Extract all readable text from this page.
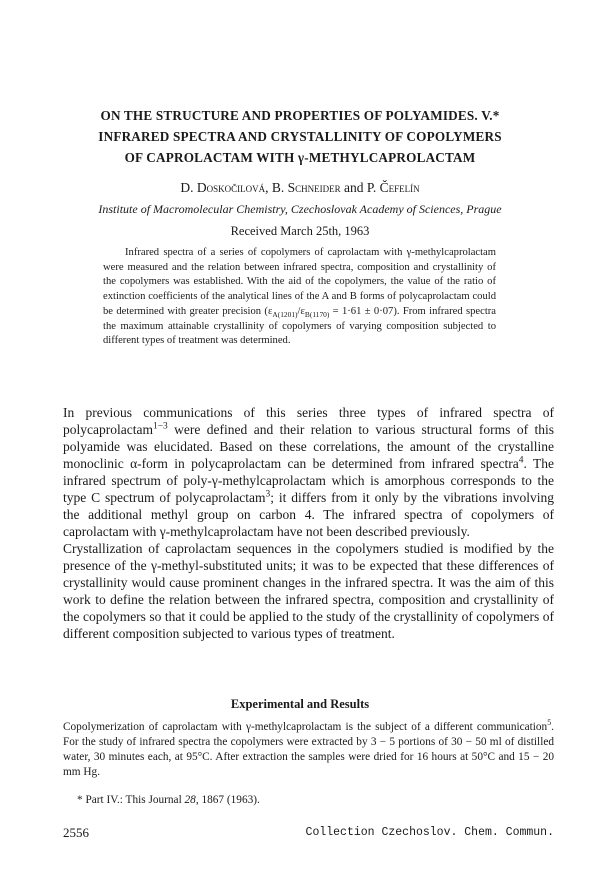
ON THE STRUCTURE AND PROPERTIES OF POLYAMIDES. V.*
INFRARED SPECTRA AND CRYSTALLINITY OF COPOLYMERS
OF CAPROLACTAM WITH γ-METHYLCAPROLACTAM
D. Doskočilová, B. Schneider and P. Čefelín
Institute of Macromolecular Chemistry, Czechoslovak Academy of Sciences, Prague
Received March 25th, 1963

Infrared spectra of a series of copolymers of caprolactam with γ-methylcaprolactam were measured and the relation between infrared spectra, composition and crystallinity of the copolymers was established. With the aid of the copolymers, the value of the ratio of extinction coefficients of the analytical lines of the A and B forms of polycaprolactam could be determined with greater precision $(\varepsilon_{A(1201)}/\varepsilon_{B(1170)} = 1\cdot 61 \pm 0\cdot 07)$. From infrared spectra the maximum attainable crystallinity of copolymers of varying composition subjected to different types of treatment was determined.

In previous communications of this series three types of infrared spectra of polycaprolactam$^{1-3}$ were defined and their relation to various structural forms of this polyamide was elucidated. Based on these correlations, the amount of the crystalline monoclinic α-form in polycaprolactam can be determined from infrared spectra$^4$. The infrared spectrum of poly-γ-methylcaprolactam which is amorphous corresponds to the type C spectrum of polycaprolactam$^3$; it differs from it only by the vibrations involving the additional methyl group on carbon 4. The infrared spectra of copolymers of caprolactam with γ-methylcaprolactam have not been described previously.

Crystallization of caprolactam sequences in the copolymers studied is modified by the presence of the γ-methyl-substituted units; it was to be expected that these differences of crystallinity would cause prominent changes in the infrared spectra. It was the aim of this work to define the relation between the infrared spectra, composition and crystallinity of the copolymers so that it could be applied to the study of the crystallinity of copolymers of different composition subjected to various types of treatment.

Experimental and Results

Copolymerization of caprolactam with γ-methylcaprolactam is the subject of a different communication$^5$. For the study of infrared spectra the copolymers were extracted by 3 − 5 portions of 30 − 50 ml of distilled water, 30 minutes each, at 95°C. After extraction the samples were dried for 16 hours at 50°C and 15 − 20 mm Hg.

* Part IV.: This Journal 28, 1867 (1963).
2556	Collection Czechoslov. Chem. Commun.
